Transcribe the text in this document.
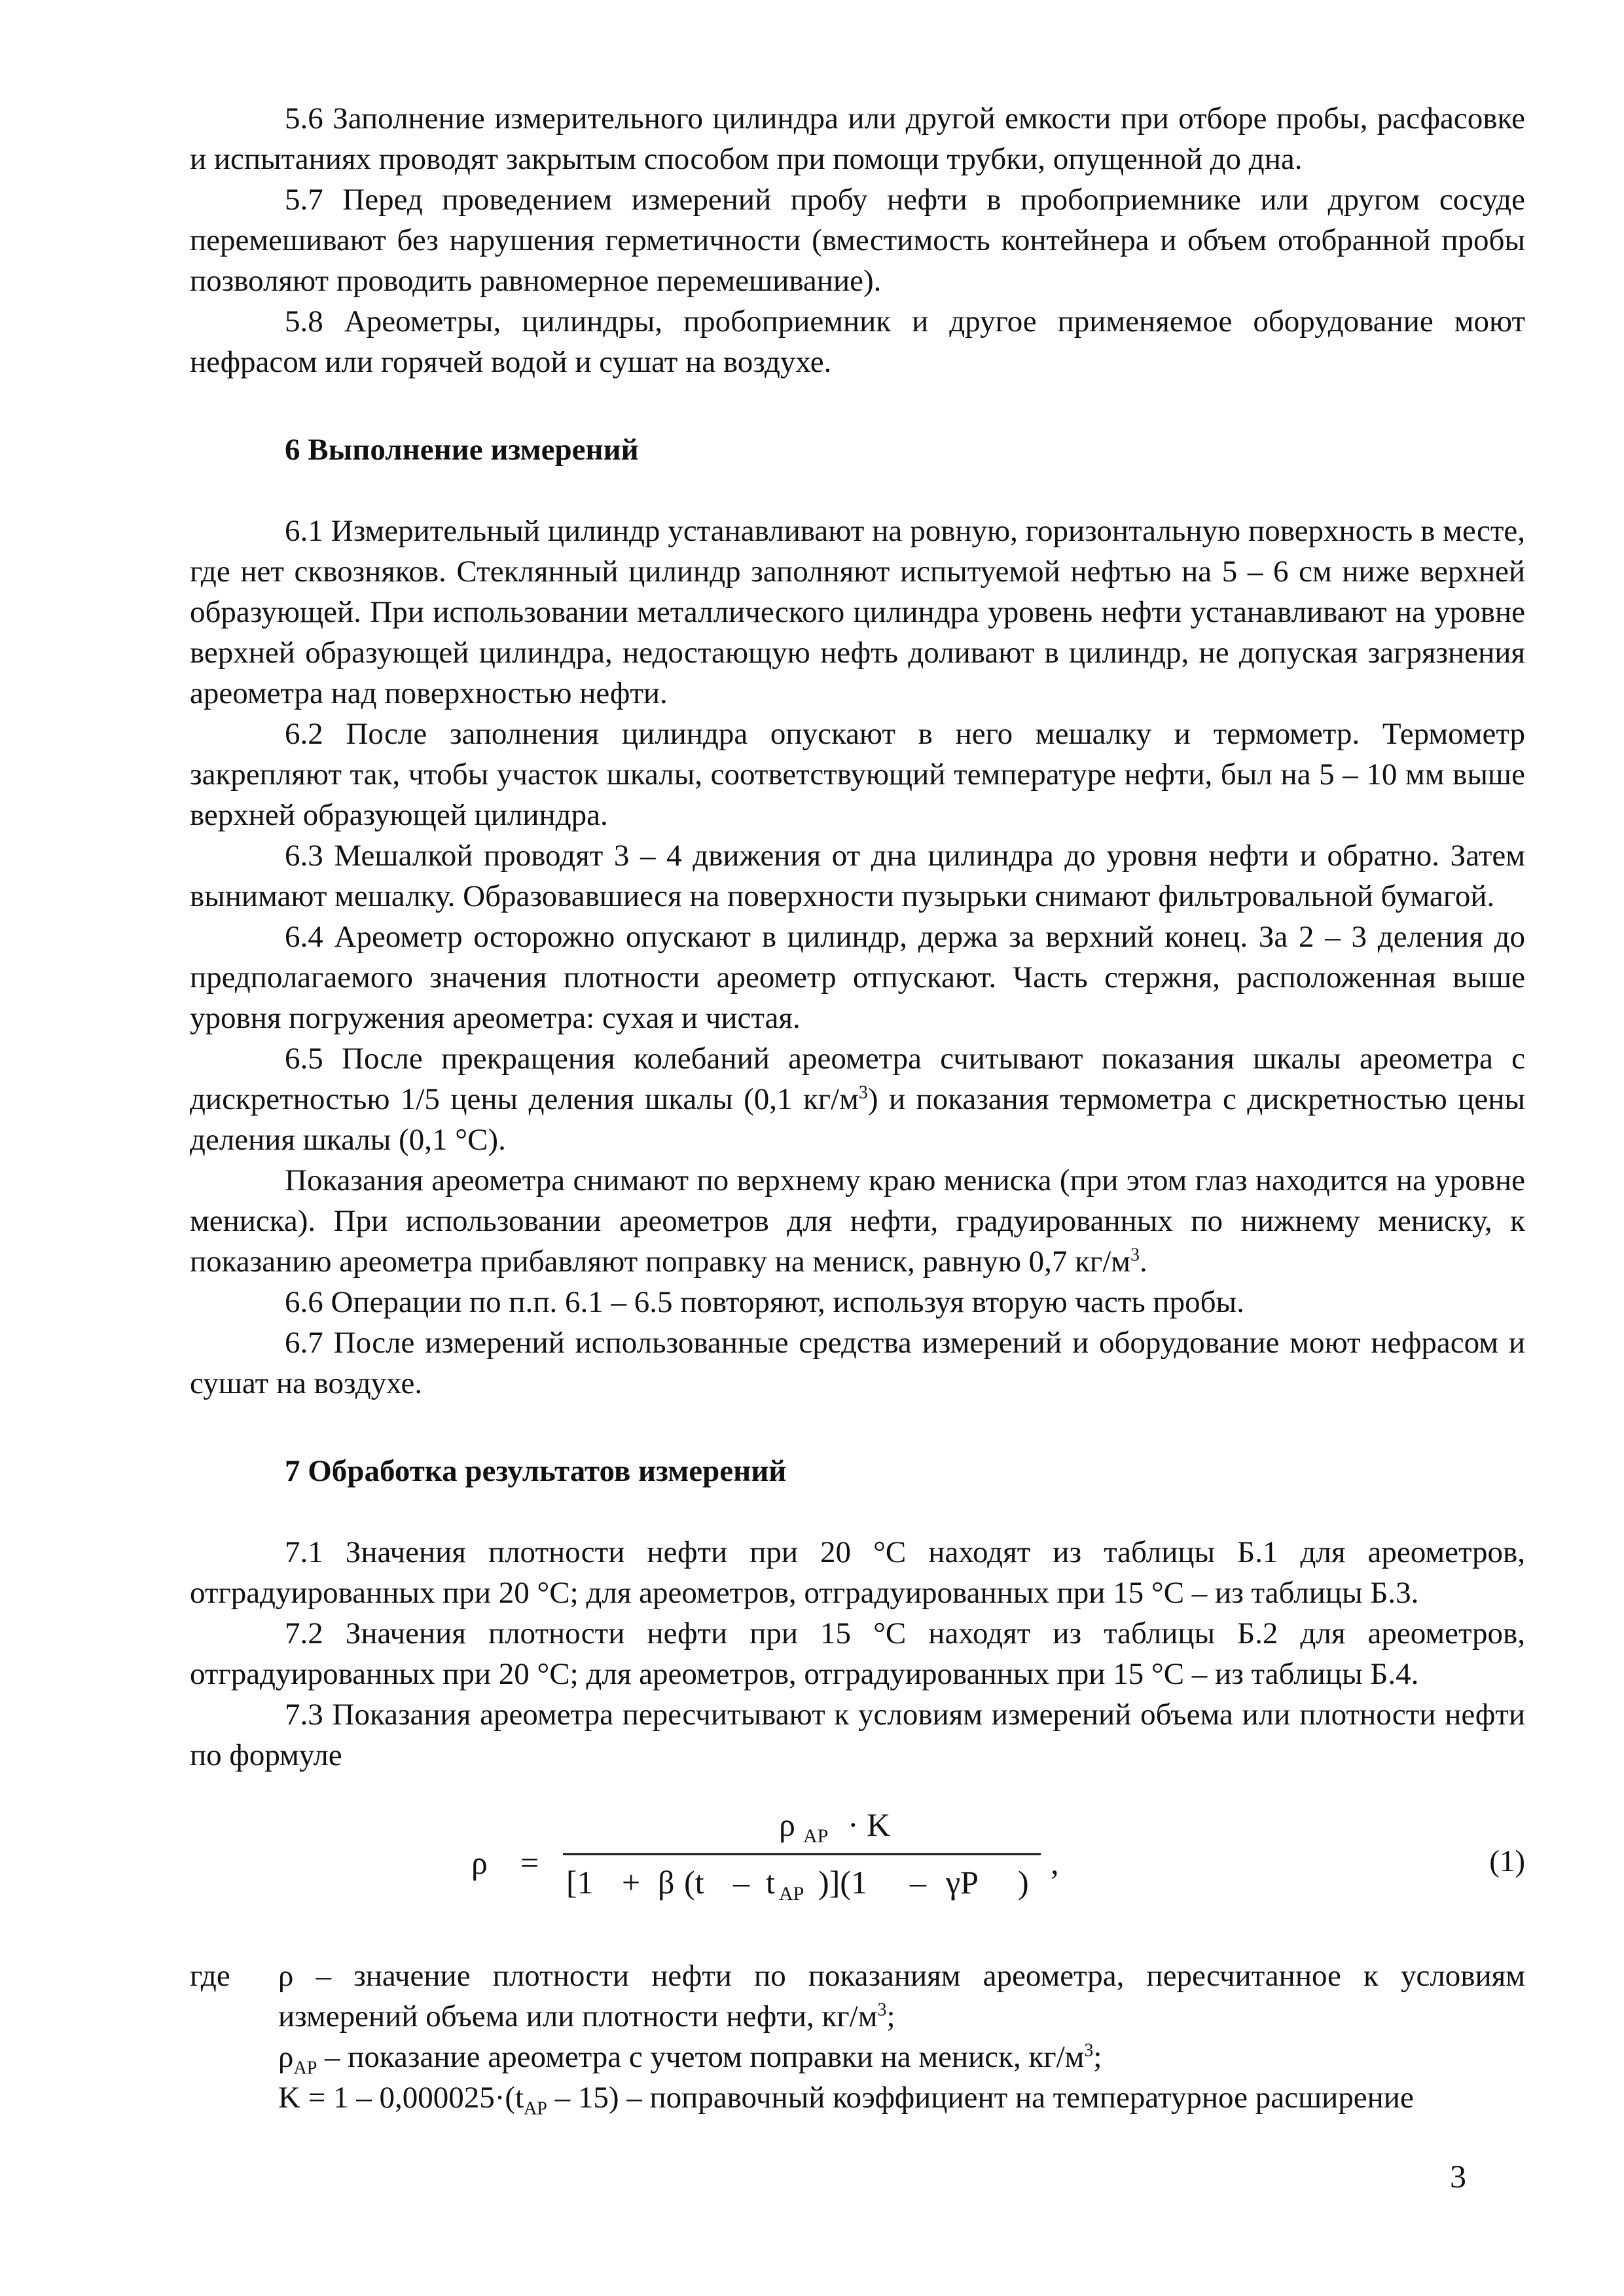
5.6 Заполнение измерительного цилиндра или другой емкости при отборе пробы, расфасовке и испытаниях проводят закрытым способом при помощи трубки, опущенной до дна.

5.7 Перед проведением измерений пробу нефти в пробоприемнике или другом сосуде перемешивают без нарушения герметичности (вместимость контейнера и объем отобранной пробы позволяют проводить равномерное перемешивание).

5.8 Ареометры, цилиндры, пробоприемник и другое применяемое оборудование моют нефрасом или горячей водой и сушат на воздухе.

6 Выполнение измерений

6.1 Измерительный цилиндр устанавливают на ровную, горизонтальную поверхность в месте, где нет сквозняков. Стеклянный цилиндр заполняют испытуемой нефтью на 5 – 6 см ниже верхней образующей. При использовании металлического цилиндра уровень нефти устанавливают на уровне верхней образующей цилиндра, недостающую нефть доливают в цилиндр, не допуская загрязнения ареометра над поверхностью нефти.

6.2 После заполнения цилиндра опускают в него мешалку и термометр. Термометр закрепляют так, чтобы участок шкалы, соответствующий температуре нефти, был на 5 – 10 мм выше верхней образующей цилиндра.

6.3 Мешалкой проводят 3 – 4 движения от дна цилиндра до уровня нефти и обратно. Затем вынимают мешалку. Образовавшиеся на поверхности пузырьки снимают фильтровальной бумагой.

6.4 Ареометр осторожно опускают в цилиндр, держа за верхний конец. За 2 – 3 деления до предполагаемого значения плотности ареометр отпускают. Часть стержня, расположенная выше уровня погружения ареометра: сухая и чистая.

6.5 После прекращения колебаний ареометра считывают показания шкалы ареометра с дискретностью 1/5 цены деления шкалы (0,1 $кг/м^3$) и показания термометра с дискретностью цены деления шкалы (0,1 °С).

Показания ареометра снимают по верхнему краю мениска (при этом глаз находится на уровне мениска). При использовании ареометров для нефти, градуированных по нижнему мениску, к показанию ареометра прибавляют поправку на мениск, равную 0,7 $кг/м^3$.

6.6 Операции по п.п. 6.1 – 6.5 повторяют, используя вторую часть пробы.

6.7 После измерений использованные средства измерений и оборудование моют нефрасом и сушат на воздухе.

7 Обработка результатов измерений

7.1 Значения плотности нефти при 20 °С находят из таблицы Б.1 для ареометров, отградуированных при 20 °С; для ареометров, отградуированных при 15 °С – из таблицы Б.3.

7.2 Значения плотности нефти при 15 °С находят из таблицы Б.2 для ареометров, отградуированных при 20 °С; для ареометров, отградуированных при 15 °С – из таблицы Б.4.

7.3 Показания ареометра пересчитывают к условиям измерений объема или плотности нефти по формуле

ρ =
ρ AP · K
[1 + β (t – t AP )](1 – γP )
,	(1)
где ρ – значение плотности нефти по показаниям ареометра, пересчитанное к условиям измерений объема или плотности нефти, $кг/м^3$;

$\rho_{AP}$ – показание ареометра с учетом поправки на мениск, $кг/м^3$;

$K = 1 - 0,000025\cdot(t_{AP} - 15)$ – поправочный коэффициент на температурное расширение

3
